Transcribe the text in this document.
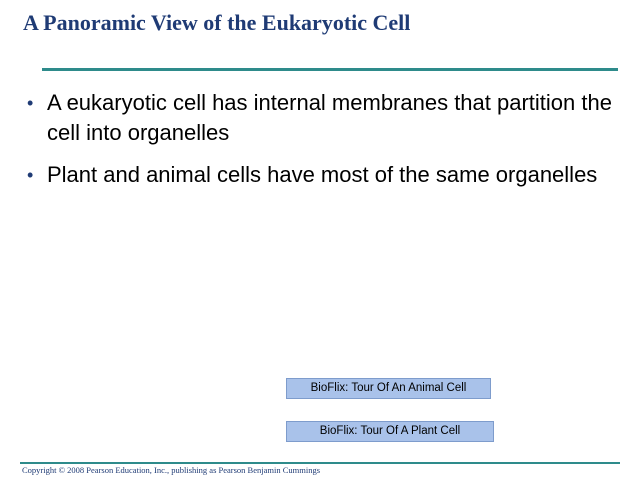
A Panoramic View of the Eukaryotic Cell
• A eukaryotic cell has internal membranes that partition the cell into organelles
• Plant and animal cells have most of the same organelles
BioFlix: Tour Of An Animal Cell
BioFlix: Tour Of A Plant Cell
Copyright © 2008 Pearson Education, Inc., publishing as Pearson Benjamin Cummings
